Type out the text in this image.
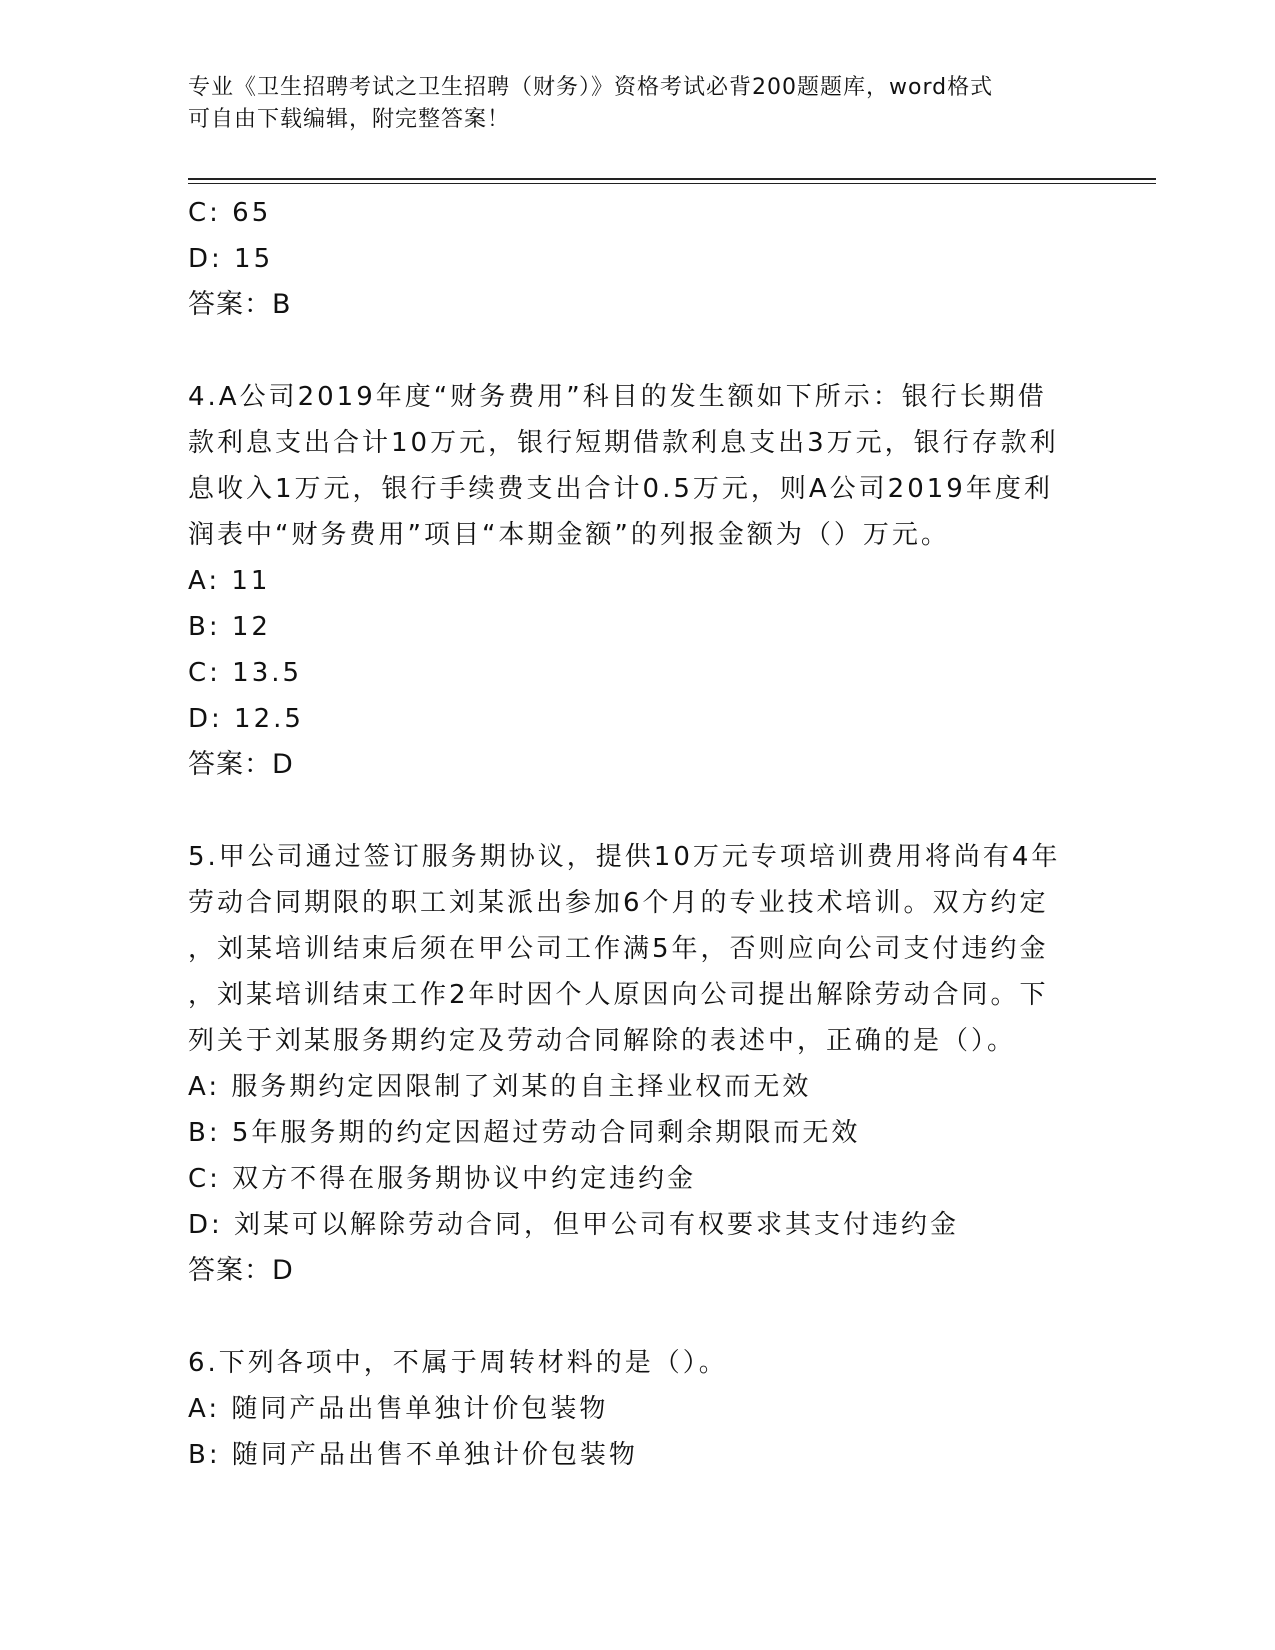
专业《卫生招聘考试之卫生招聘（财务）》资格考试必背200题题库，word格式
可自由下载编辑，附完整答案！
C: 65
D: 15
答案：B
4.A公司2019年度“财务费用”科目的发生额如下所示：银行长期借
款利息支出合计10万元，银行短期借款利息支出3万元，银行存款利
息收入1万元，银行手续费支出合计0.5万元，则A公司2019年度利
润表中“财务费用”项目“本期金额”的列报金额为（）万元。
A: 11
B: 12
C: 13.5
D: 12.5
答案：D
5.甲公司通过签订服务期协议，提供10万元专项培训费用将尚有4年
劳动合同期限的职工刘某派出参加6个月的专业技术培训。双方约定
，刘某培训结束后须在甲公司工作满5年，否则应向公司支付违约金
，刘某培训结束工作2年时因个人原因向公司提出解除劳动合同。下
列关于刘某服务期约定及劳动合同解除的表述中，正确的是（）。
A: 服务期约定因限制了刘某的自主择业权而无效
B: 5年服务期的约定因超过劳动合同剩余期限而无效
C: 双方不得在服务期协议中约定违约金
D: 刘某可以解除劳动合同，但甲公司有权要求其支付违约金
答案：D
6.下列各项中，不属于周转材料的是（）。
A: 随同产品出售单独计价包装物
B: 随同产品出售不单独计价包装物
